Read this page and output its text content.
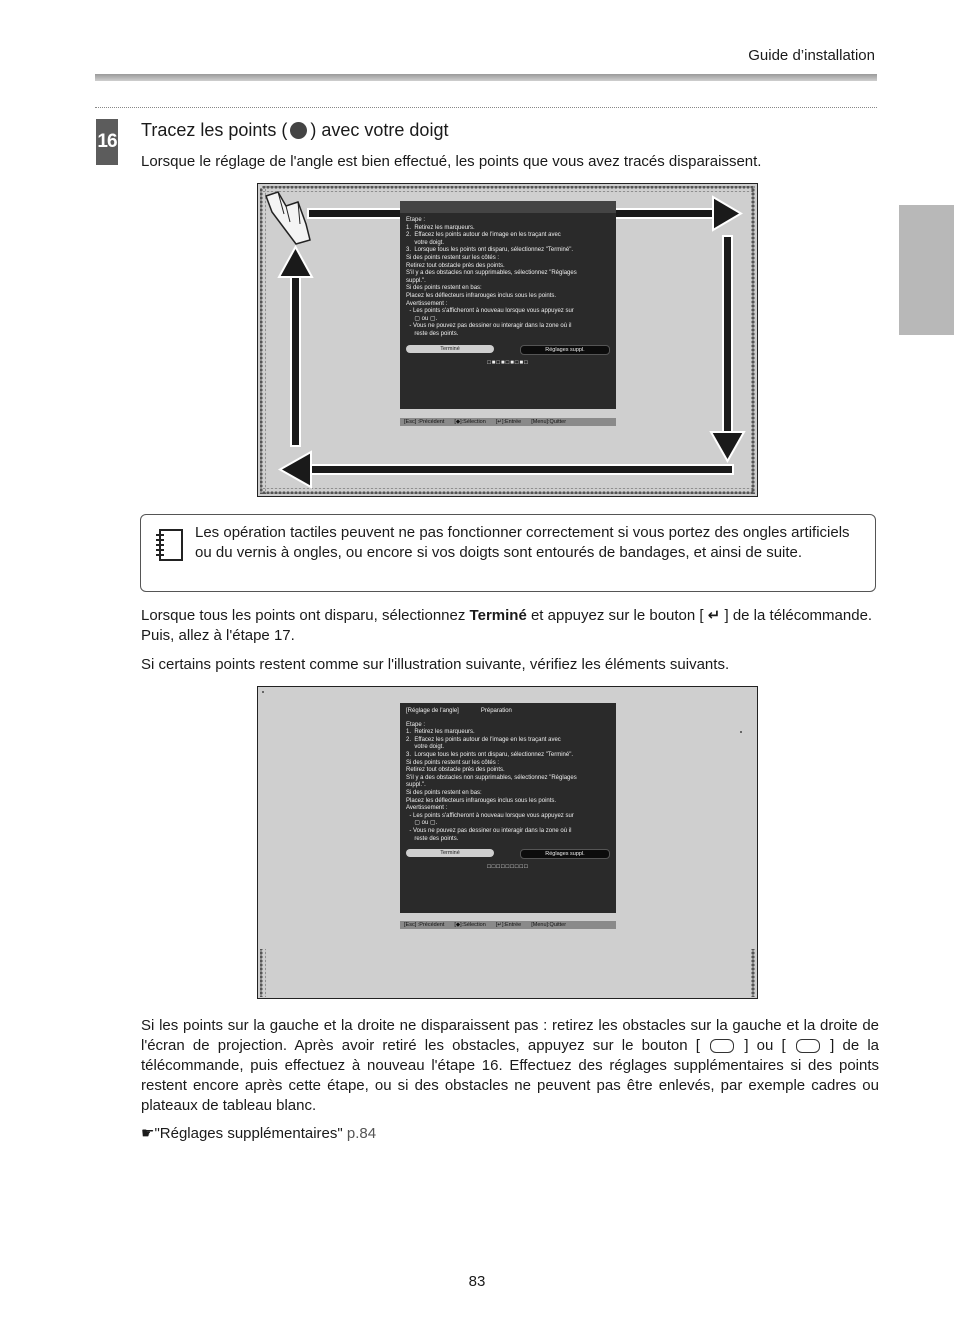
Guide d’installation
16
Tracez les points ( ) avec votre doigt
Lorsque le réglage de l'angle est bien effectué, les points que vous avez tracés disparaissent.
Etape :
1.  Retirez les marqueurs.
2.  Effacez les points autour de l'image en les traçant avec
votre doigt.
3.  Lorsque tous les points ont disparu, sélectionnez "Terminé".
Si des points restent sur les côtés :
Retirez tout obstacle près des points.
S'il y a des obstacles non supprimables, sélectionnez "Réglages
suppl.".
Si des points restent en bas:
Placez les déflecteurs infrarouges inclus sous les points.
Avertissement :
- Les points s'afficheront à nouveau lorsque vous appuyez sur
▢ ou ▢.
- Vous ne pouvez pas dessiner ou interagir dans la zone où il
reste des points.
Terminé	Réglages suppl.
□■□■□■□■□
[Esc] :Précédent [◆]:Sélection [↵]:Entrée [Menu]:Quitter
Les opération tactiles peuvent ne pas fonctionner correctement si vous portez des ongles artificiels ou du vernis à ongles, ou encore si vos doigts sont entourés de bandages, et ainsi de suite.
Lorsque tous les points ont disparu, sélectionnez Terminé et appuyez sur le bouton [ ↵ ] de la télécommande. Puis, allez à l'étape 17.
Si certains points restent comme sur l'illustration suivante, vérifiez les éléments suivants.
[Réglage de l'angle]	Préparation
Etape :
1.  Retirez les marqueurs.
2.  Effacez les points autour de l'image en les traçant avec
votre doigt.
3.  Lorsque tous les points ont disparu, sélectionnez "Terminé".
Si des points restent sur les côtés :
Retirez tout obstacle près des points.
S'il y a des obstacles non supprimables, sélectionnez "Réglages
suppl.".
Si des points restent en bas:
Placez les déflecteurs infrarouges inclus sous les points.
Avertissement :
- Les points s'afficheront à nouveau lorsque vous appuyez sur
▢ ou ▢.
- Vous ne pouvez pas dessiner ou interagir dans la zone où il
reste des points.
Terminé	Réglages suppl.
□□□□□□□□□
[Esc] :Précédent [◆]:Sélection [↵]:Entrée [Menu]:Quitter
Si les points sur la gauche et la droite ne disparaissent pas : retirez les obstacles sur la gauche et la droite de l'écran de projection. Après avoir retiré les obstacles, appuyez sur le bouton [	] ou [	] de la télécommande, puis effectuez à nouveau l'étape 16. Effectuez des réglages supplémentaires si des points restent encore après cette étape, ou si des obstacles ne peuvent pas être enlevés, par exemple cadres ou plateaux de tableau blanc.
☛"Réglages supplémentaires" p.84
83
